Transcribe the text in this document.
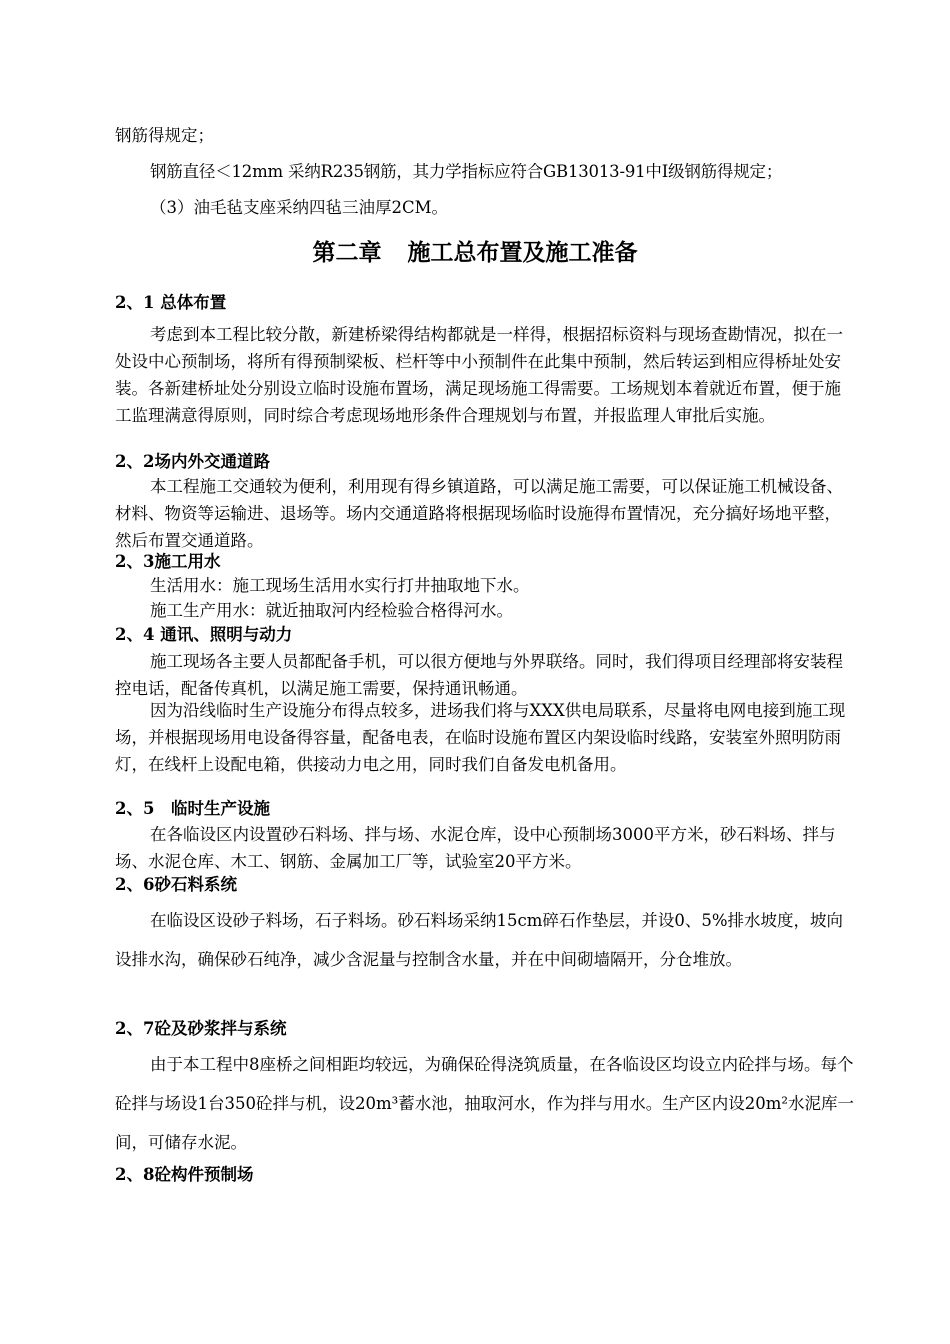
钢筋得规定；

钢筋直径＜12mm 采纳R235钢筋，其力学指标应符合GB13013-91中Ⅰ级钢筋得规定；

（3）油毛毡支座采纳四毡三油厚2CM。

第二章 施工总布置及施工准备
2、1 总体布置

考虑到本工程比较分散，新建桥梁得结构都就是一样得，根据招标资料与现场查勘情况，拟在一处设中心预制场，将所有得预制梁板、栏杆等中小预制件在此集中预制，然后转运到相应得桥址处安装。各新建桥址处分别设立临时设施布置场，满足现场施工得需要。工场规划本着就近布置，便于施工监理满意得原则，同时综合考虑现场地形条件合理规划与布置，并报监理人审批后实施。

2、2场内外交通道路

本工程施工交通较为便利，利用现有得乡镇道路，可以满足施工需要，可以保证施工机械设备、材料、物资等运输进、退场等。场内交通道路将根据现场临时设施得布置情况，充分搞好场地平整，然后布置交通道路。

2、3施工用水

生活用水：施工现场生活用水实行打井抽取地下水。

施工生产用水：就近抽取河内经检验合格得河水。

2、4 通讯、照明与动力

施工现场各主要人员都配备手机，可以很方便地与外界联络。同时，我们得项目经理部将安装程控电话，配备传真机，以满足施工需要，保持通讯畅通。

因为沿线临时生产设施分布得点较多，进场我们将与XXX供电局联系，尽量将电网电接到施工现场，并根据现场用电设备得容量，配备电表，在临时设施布置区内架设临时线路，安装室外照明防雨灯，在线杆上设配电箱，供接动力电之用，同时我们自备发电机备用。

2、5　临时生产设施

在各临设区内设置砂石料场、拌与场、水泥仓库，设中心预制场3000平方米，砂石料场、拌与场、水泥仓库、木工、钢筋、金属加工厂等，试验室20平方米。

2、6砂石料系统

在临设区设砂子料场，石子料场。砂石料场采纳15cm碎石作垫层，并设0、5%排水坡度，坡向设排水沟，确保砂石纯净，减少含泥量与控制含水量，并在中间砌墙隔开，分仓堆放。

2、7砼及砂浆拌与系统

由于本工程中8座桥之间相距均较远，为确保砼得浇筑质量，在各临设区均设立内砼拌与场。每个砼拌与场设1台350砼拌与机，设20m³蓄水池，抽取河水，作为拌与用水。生产区内设20m²水泥库一间，可储存水泥。

2、8砼构件预制场
